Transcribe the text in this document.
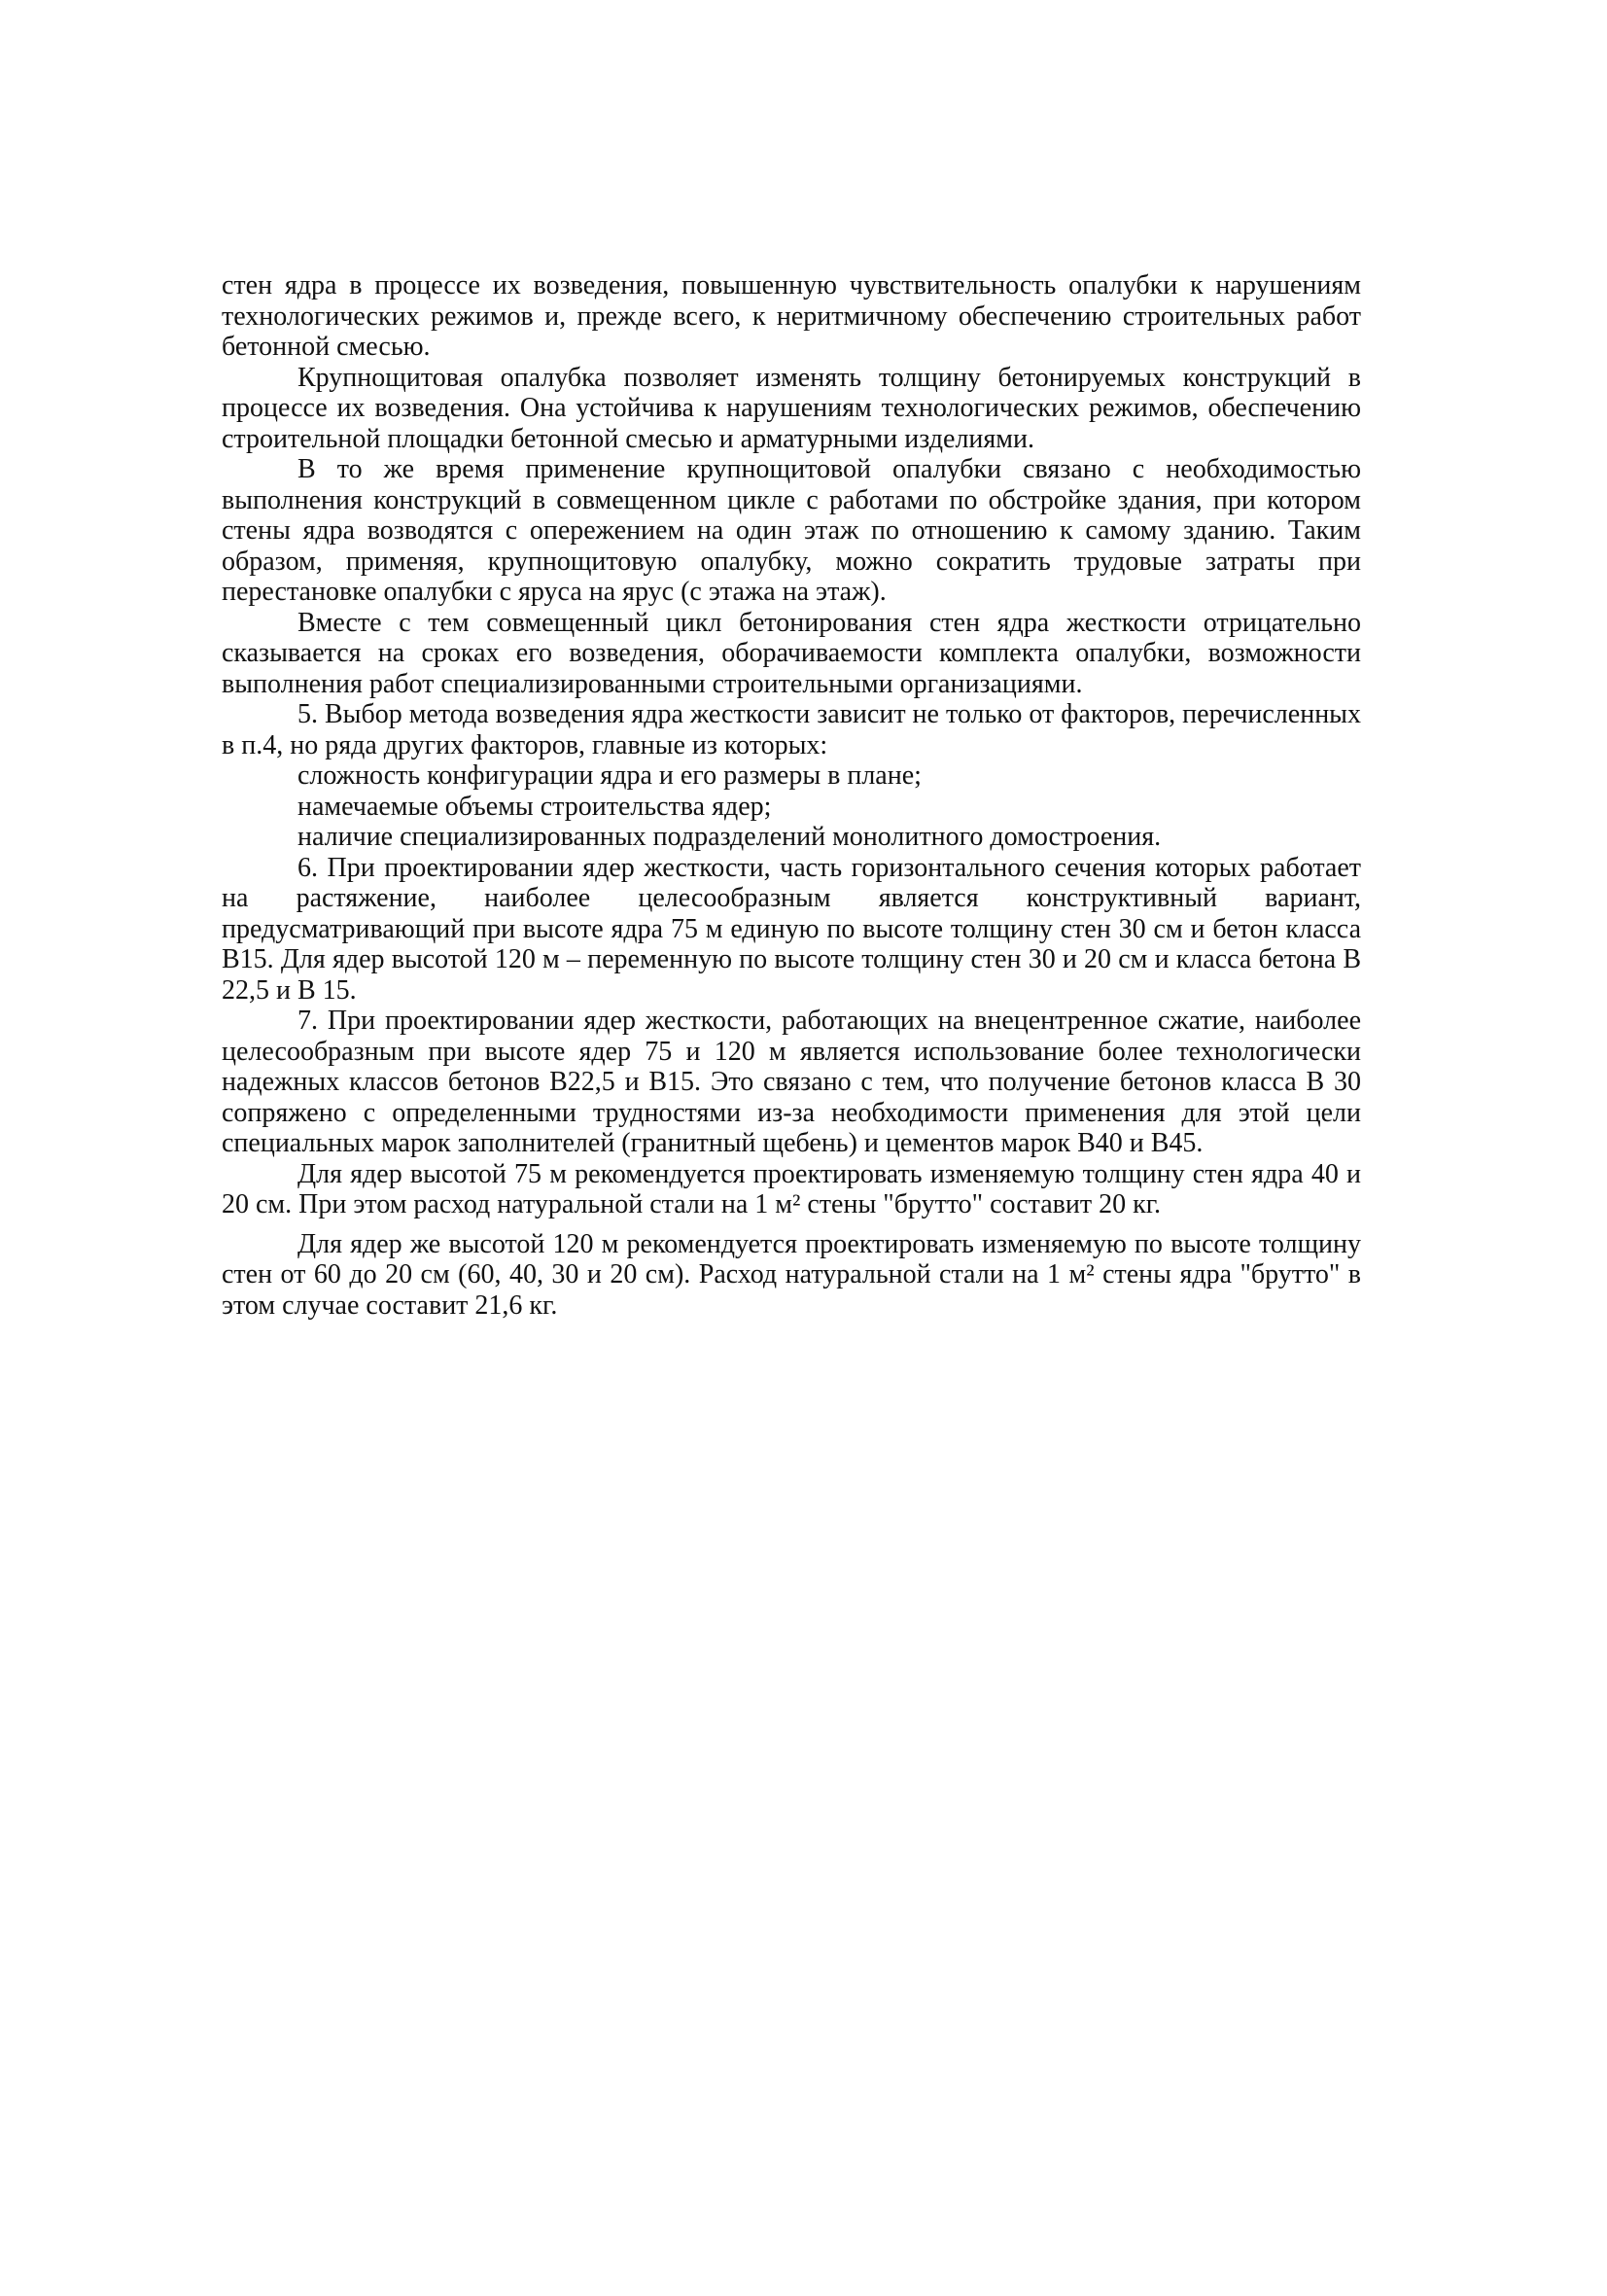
стен ядра в процессе их возведения, повышенную чувствительность опалубки к нарушениям технологических режимов и, прежде всего, к неритмичному обеспечению строительных работ бетонной смесью.

Крупнощитовая опалубка позволяет изменять толщину бетонируемых конструкций в процессе их возведения. Она устойчива к нарушениям технологических режимов, обеспечению строительной площадки бетонной смесью и арматурными изделиями.

В то же время применение крупнощитовой опалубки связано с необходимостью выполнения конструкций в совмещенном цикле с работами по обстройке здания, при котором стены ядра возводятся с опережением на один этаж по отношению к самому зданию. Таким образом, применяя, крупнощитовую опалубку, можно сократить трудовые затраты при перестановке опалубки с яруса на ярус (с этажа на этаж).

Вместе с тем совмещенный цикл бетонирования стен ядра жесткости отрицательно сказывается на сроках его возведения, оборачиваемости комплекта опалубки, возможности выполнения работ специализированными строительными организациями.

5. Выбор метода возведения ядра жесткости зависит не только от факторов, перечисленных в п.4, но ряда других факторов, главные из которых:

сложность конфигурации ядра и его размеры в плане;

намечаемые объемы строительства ядер;

наличие специализированных подразделений монолитного домостроения.

6. При проектировании ядер жесткости, часть горизонтального сечения которых работает на растяжение, наиболее целесообразным является конструктивный вариант, предусматривающий при высоте ядра 75 м единую по высоте толщину стен 30 см и бетон класса В15. Для ядер высотой 120 м – переменную по высоте толщину стен 30 и 20 см и класса бетона В 22,5 и В 15.

7. При проектировании ядер жесткости, работающих на внецентренное сжатие, наиболее целесообразным при высоте ядер 75 и 120 м является использование более технологически надежных классов бетонов В22,5 и В15. Это связано с тем, что получение бетонов класса В 30 сопряжено с определенными трудностями из-за необходимости применения для этой цели специальных марок заполнителей (гранитный щебень) и цементов марок В40 и В45.

Для ядер высотой 75 м рекомендуется проектировать изменяемую толщину стен ядра 40 и 20 см. При этом расход натуральной стали на 1 м² стены "брутто" составит 20 кг.

Для ядер же высотой 120 м рекомендуется проектировать изменяемую по высоте толщину стен от 60 до 20 см (60, 40, 30 и 20 см). Расход натуральной стали на 1 м² стены ядра "брутто" в этом случае составит 21,6 кг.
